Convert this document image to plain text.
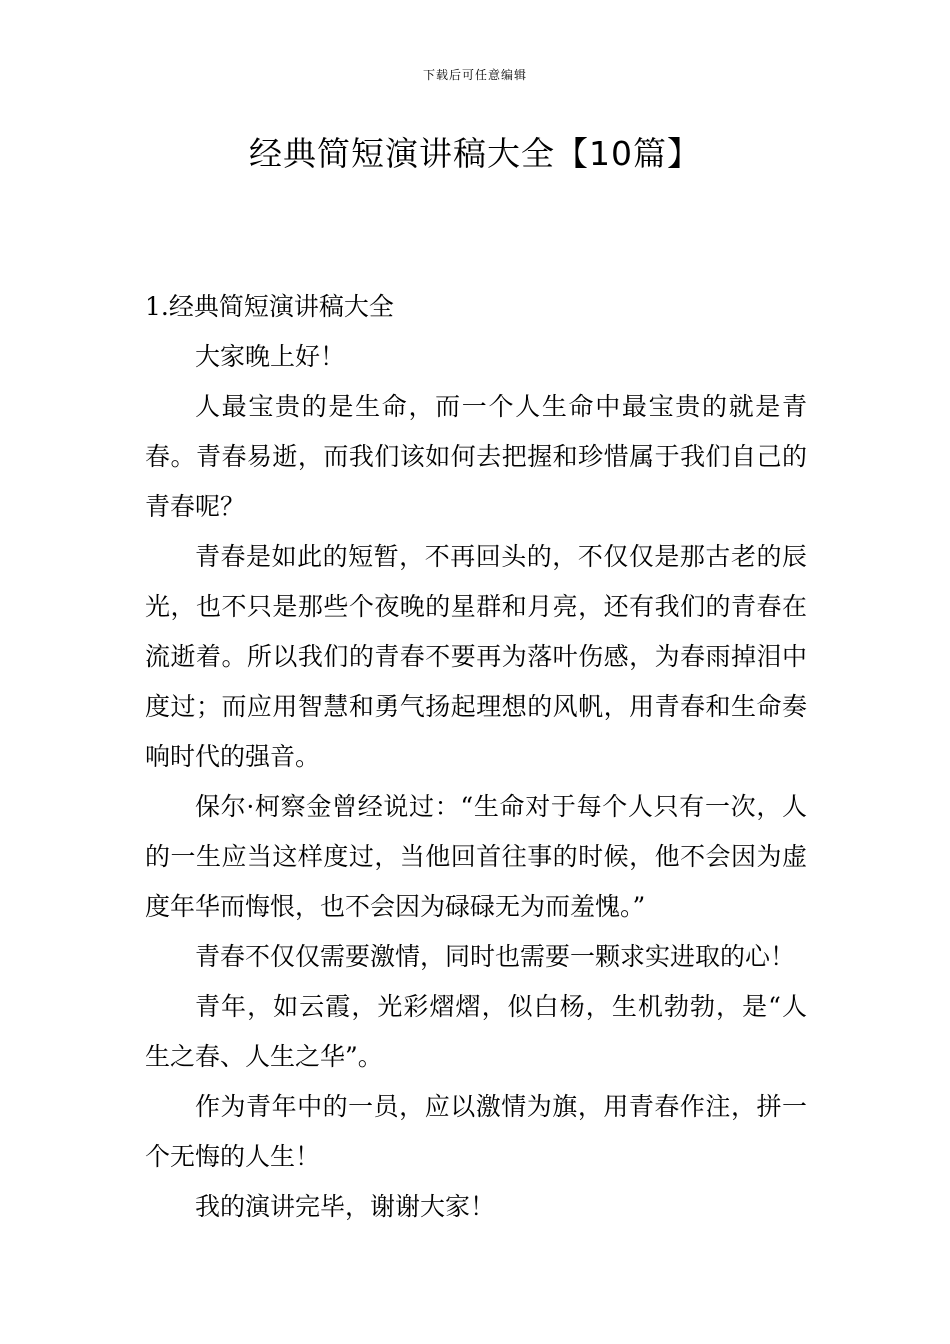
下载后可任意编辑
经典简短演讲稿大全【10篇】

1.经典简短演讲稿大全

大家晚上好！

人最宝贵的是生命，而一个人生命中最宝贵的就是青春。青春易逝，而我们该如何去把握和珍惜属于我们自己的青春呢？

青春是如此的短暂，不再回头的，不仅仅是那古老的辰光，也不只是那些个夜晚的星群和月亮，还有我们的青春在流逝着。所以我们的青春不要再为落叶伤感，为春雨掉泪中度过；而应用智慧和勇气扬起理想的风帆，用青春和生命奏响时代的强音。

保尔·柯察金曾经说过：“生命对于每个人只有一次，人的一生应当这样度过，当他回首往事的时候，他不会因为虚度年华而悔恨，也不会因为碌碌无为而羞愧。”

青春不仅仅需要激情，同时也需要一颗求实进取的心！

青年，如云霞，光彩熠熠，似白杨，生机勃勃，是“人生之春、人生之华”。

作为青年中的一员，应以激情为旗，用青春作注，拼一个无悔的人生！

我的演讲完毕，谢谢大家！
